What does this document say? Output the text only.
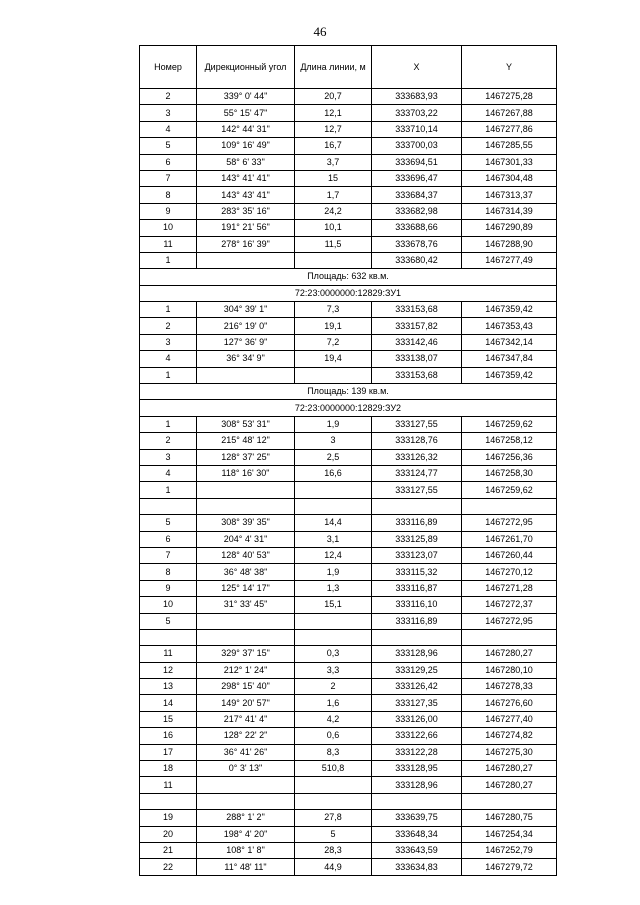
46
Номер	Дирекционный угол	Длина линии, м	X	Y
2	339° 0' 44"	20,7	333683,93	1467275,28
3	55° 15' 47"	12,1	333703,22	1467267,88
4	142° 44' 31"	12,7	333710,14	1467277,86
5	109° 16' 49"	16,7	333700,03	1467285,55
6	58° 6' 33"	3,7	333694,51	1467301,33
7	143° 41' 41"	15	333696,47	1467304,48
8	143° 43' 41"	1,7	333684,37	1467313,37
9	283° 35' 16"	24,2	333682,98	1467314,39
10	191° 21' 56"	10,1	333688,66	1467290,89
11	278° 16' 39"	11,5	333678,76	1467288,90
1			333680,42	1467277,49
Площадь: 632 кв.м.				
72:23:0000000:12829:ЗУ1				
1	304° 39' 1"	7,3	333153,68	1467359,42
2	216° 19' 0"	19,1	333157,82	1467353,43
3	127° 36' 9"	7,2	333142,46	1467342,14
4	36° 34' 9"	19,4	333138,07	1467347,84
1			333153,68	1467359,42
Площадь: 139 кв.м.				
72:23:0000000:12829:ЗУ2				
1	308° 53' 31"	1,9	333127,55	1467259,62
2	215° 48' 12"	3	333128,76	1467258,12
3	128° 37' 25"	2,5	333126,32	1467256,36
4	118° 16' 30"	16,6	333124,77	1467258,30
1			333127,55	1467259,62

5	308° 39' 35"	14,4	333116,89	1467272,95
6	204° 4' 31"	3,1	333125,89	1467261,70
7	128° 40' 53"	12,4	333123,07	1467260,44
8	36° 48' 38"	1,9	333115,32	1467270,12
9	125° 14' 17"	1,3	333116,87	1467271,28
10	31° 33' 45"	15,1	333116,10	1467272,37
5			333116,89	1467272,95

11	329° 37' 15"	0,3	333128,96	1467280,27
12	212° 1' 24"	3,3	333129,25	1467280,10
13	298° 15' 40"	2	333126,42	1467278,33
14	149° 20' 57"	1,6	333127,35	1467276,60
15	217° 41' 4"	4,2	333126,00	1467277,40
16	128° 22' 2"	0,6	333122,66	1467274,82
17	36° 41' 26"	8,3	333122,28	1467275,30
18	0° 3' 13"	510,8	333128,95	1467280,27
11			333128,96	1467280,27

19	288° 1' 2"	27,8	333639,75	1467280,75
20	198° 4' 20"	5	333648,34	1467254,34
21	108° 1' 8"	28,3	333643,59	1467252,79
22	11° 48' 11"	44,9	333634,83	1467279,72
